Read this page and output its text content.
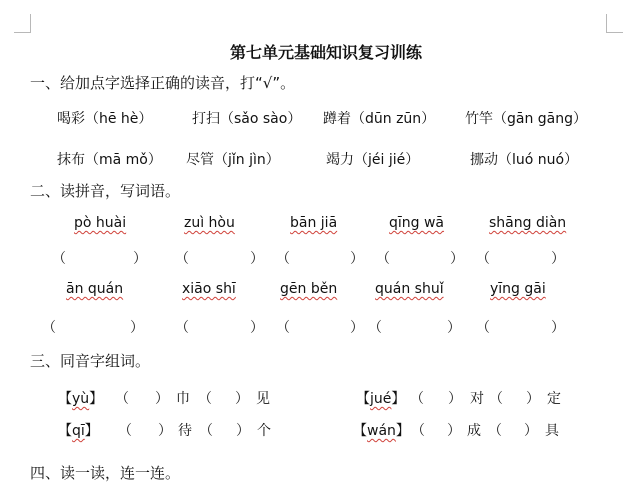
第七单元基础知识复习训练
一、给加点字选择正确的读音，打“√”。
喝彩（hē hè）	打扫（sǎo sào） 蹲着（dūn zūn） 竹竿（gān gāng）
抹布（mā mǒ） 尽管（jǐn jìn）	竭力（jéi jié）	挪动（luó nuó）
二、读拼音，写词语。
pò huài	zuì hòu	bān jiā	qīng wā	shāng diàn
（	） （	） （	） （	） （	）
ān quán	xiāo shī	gēn běn	quán shuǐ	yīng gāi
（	） （	） （	） （	） （	）
三、同音字组词。
【yù】 （ ） 巾 （ ） 见	【jué】 （ ） 对 （ ） 定
【qī】 （ ） 待 （ ） 个	【wán】 （ ） 成 （ ） 具
四、读一读，连一连。
